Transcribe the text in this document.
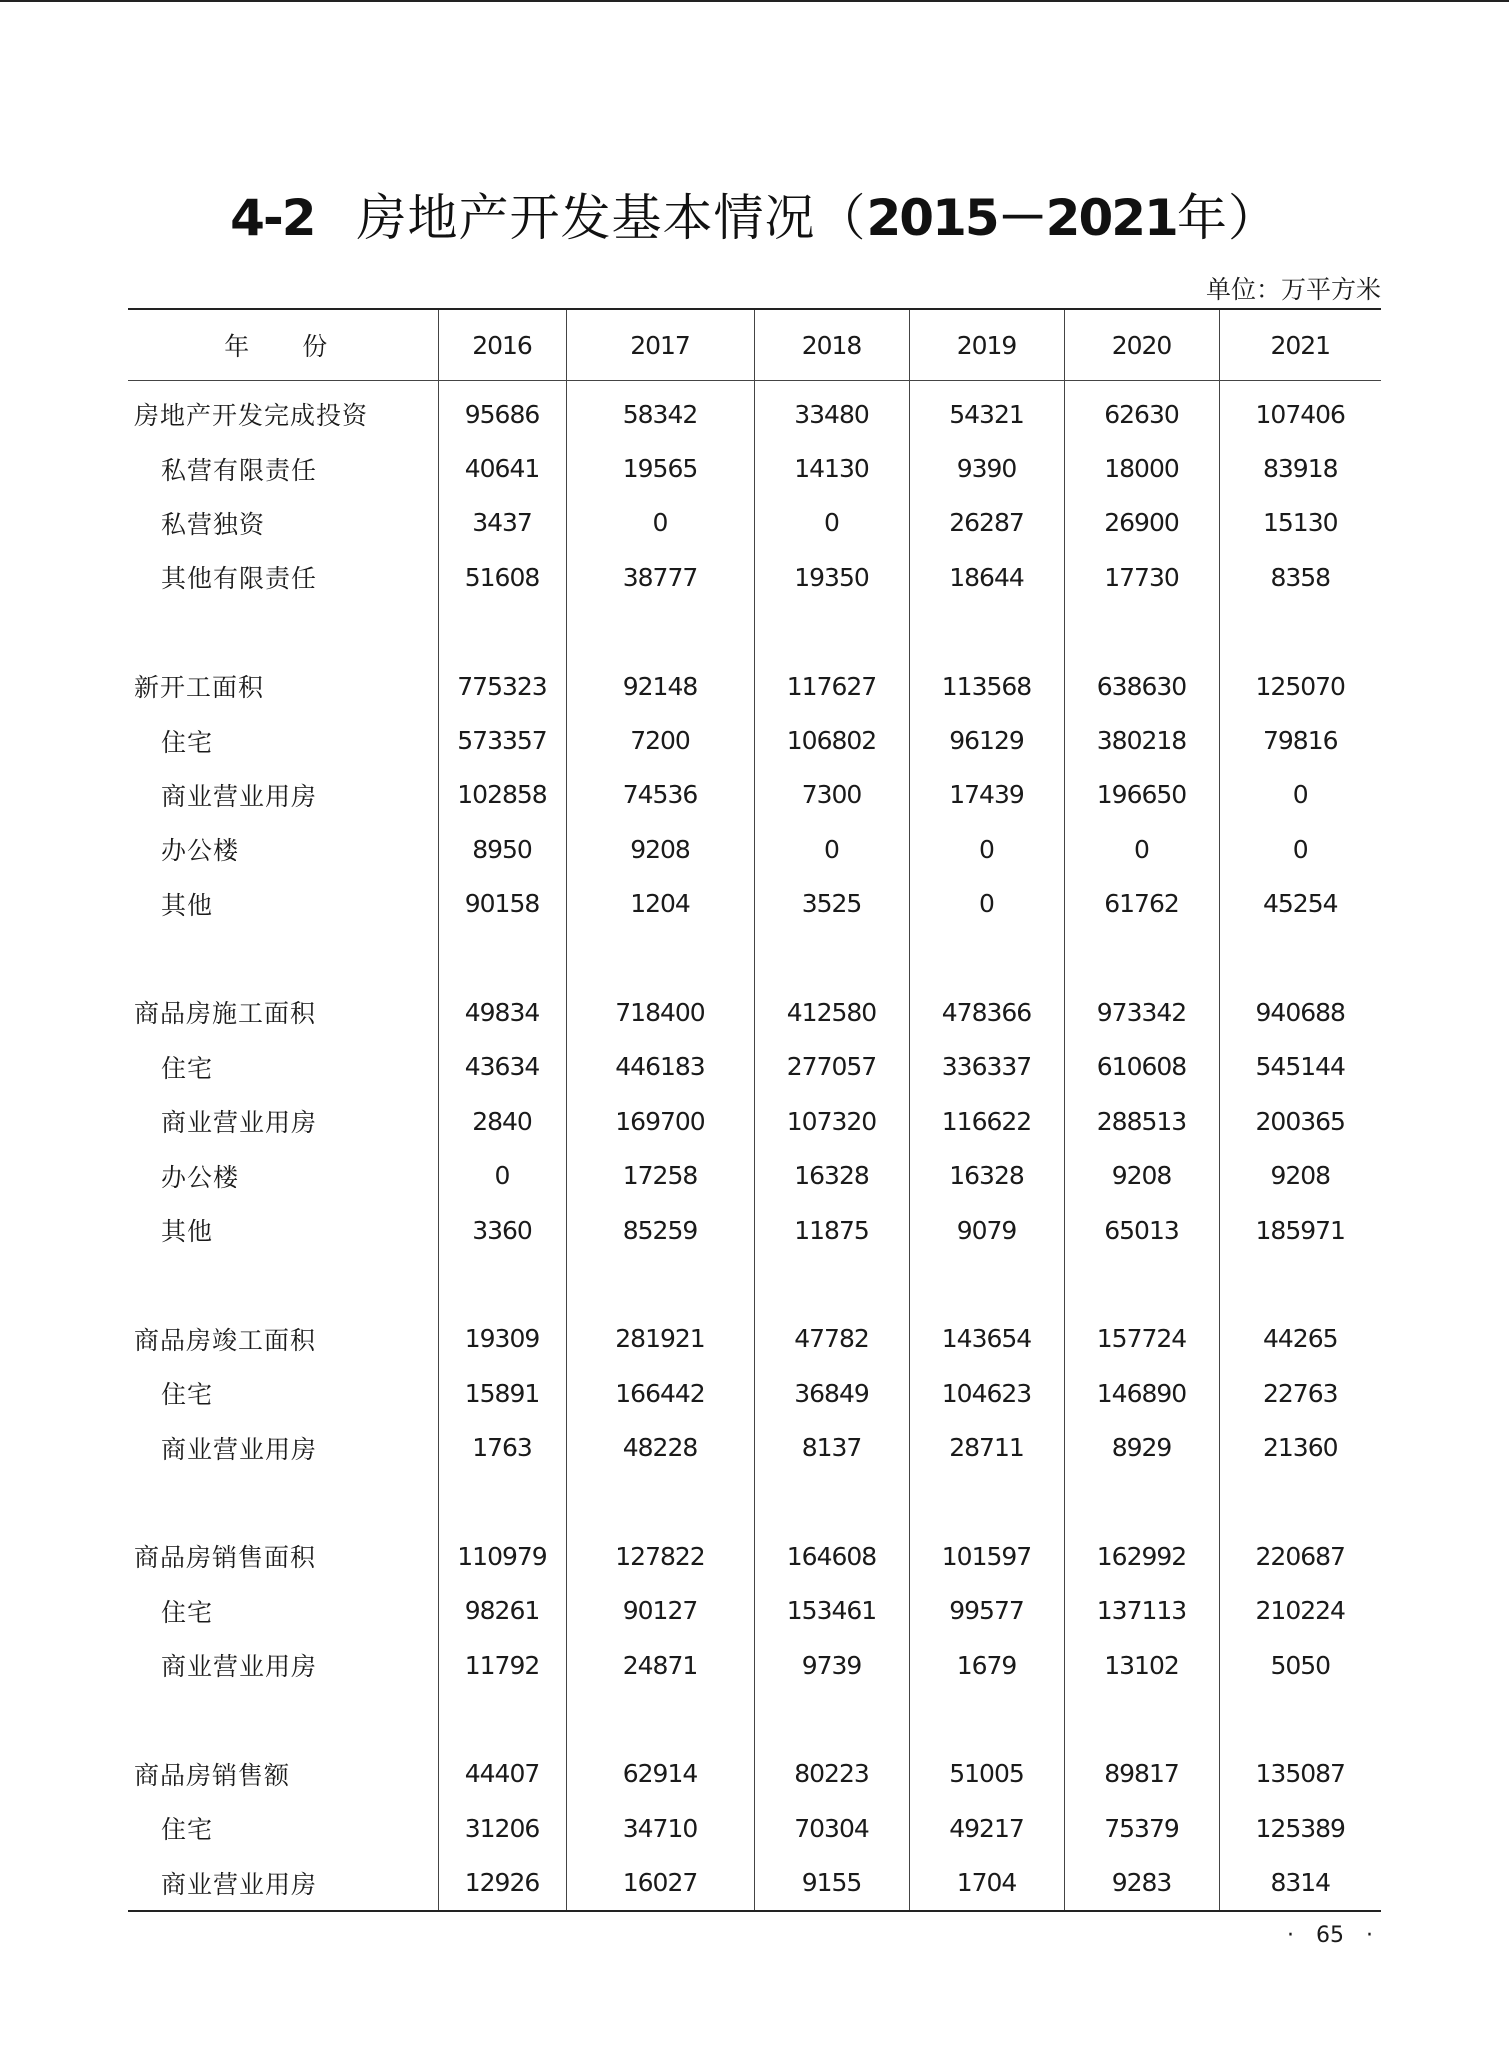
4-2 房地产开发基本情况（2015－2021年）
单位：万平方米
年　份	2016	2017	2018	2019	2020	2021
房地产开发完成投资	95686	58342	33480	54321	62630	107406
私营有限责任	40641	19565	14130	9390	18000	83918
私营独资	3437	0	0	26287	26900	15130
其他有限责任	51608	38777	19350	18644	17730	8358

新开工面积	775323	92148	117627	113568	638630	125070
住宅	573357	7200	106802	96129	380218	79816
商业营业用房	102858	74536	7300	17439	196650	0
办公楼	8950	9208	0	0	0	0
其他	90158	1204	3525	0	61762	45254

商品房施工面积	49834	718400	412580	478366	973342	940688
住宅	43634	446183	277057	336337	610608	545144
商业营业用房	2840	169700	107320	116622	288513	200365
办公楼	0	17258	16328	16328	9208	9208
其他	3360	85259	11875	9079	65013	185971

商品房竣工面积	19309	281921	47782	143654	157724	44265
住宅	15891	166442	36849	104623	146890	22763
商业营业用房	1763	48228	8137	28711	8929	21360

商品房销售面积	110979	127822	164608	101597	162992	220687
住宅	98261	90127	153461	99577	137113	210224
商业营业用房	11792	24871	9739	1679	13102	5050

商品房销售额	44407	62914	80223	51005	89817	135087
住宅	31206	34710	70304	49217	75379	125389
商业营业用房	12926	16027	9155	1704	9283	8314
·　65　·
